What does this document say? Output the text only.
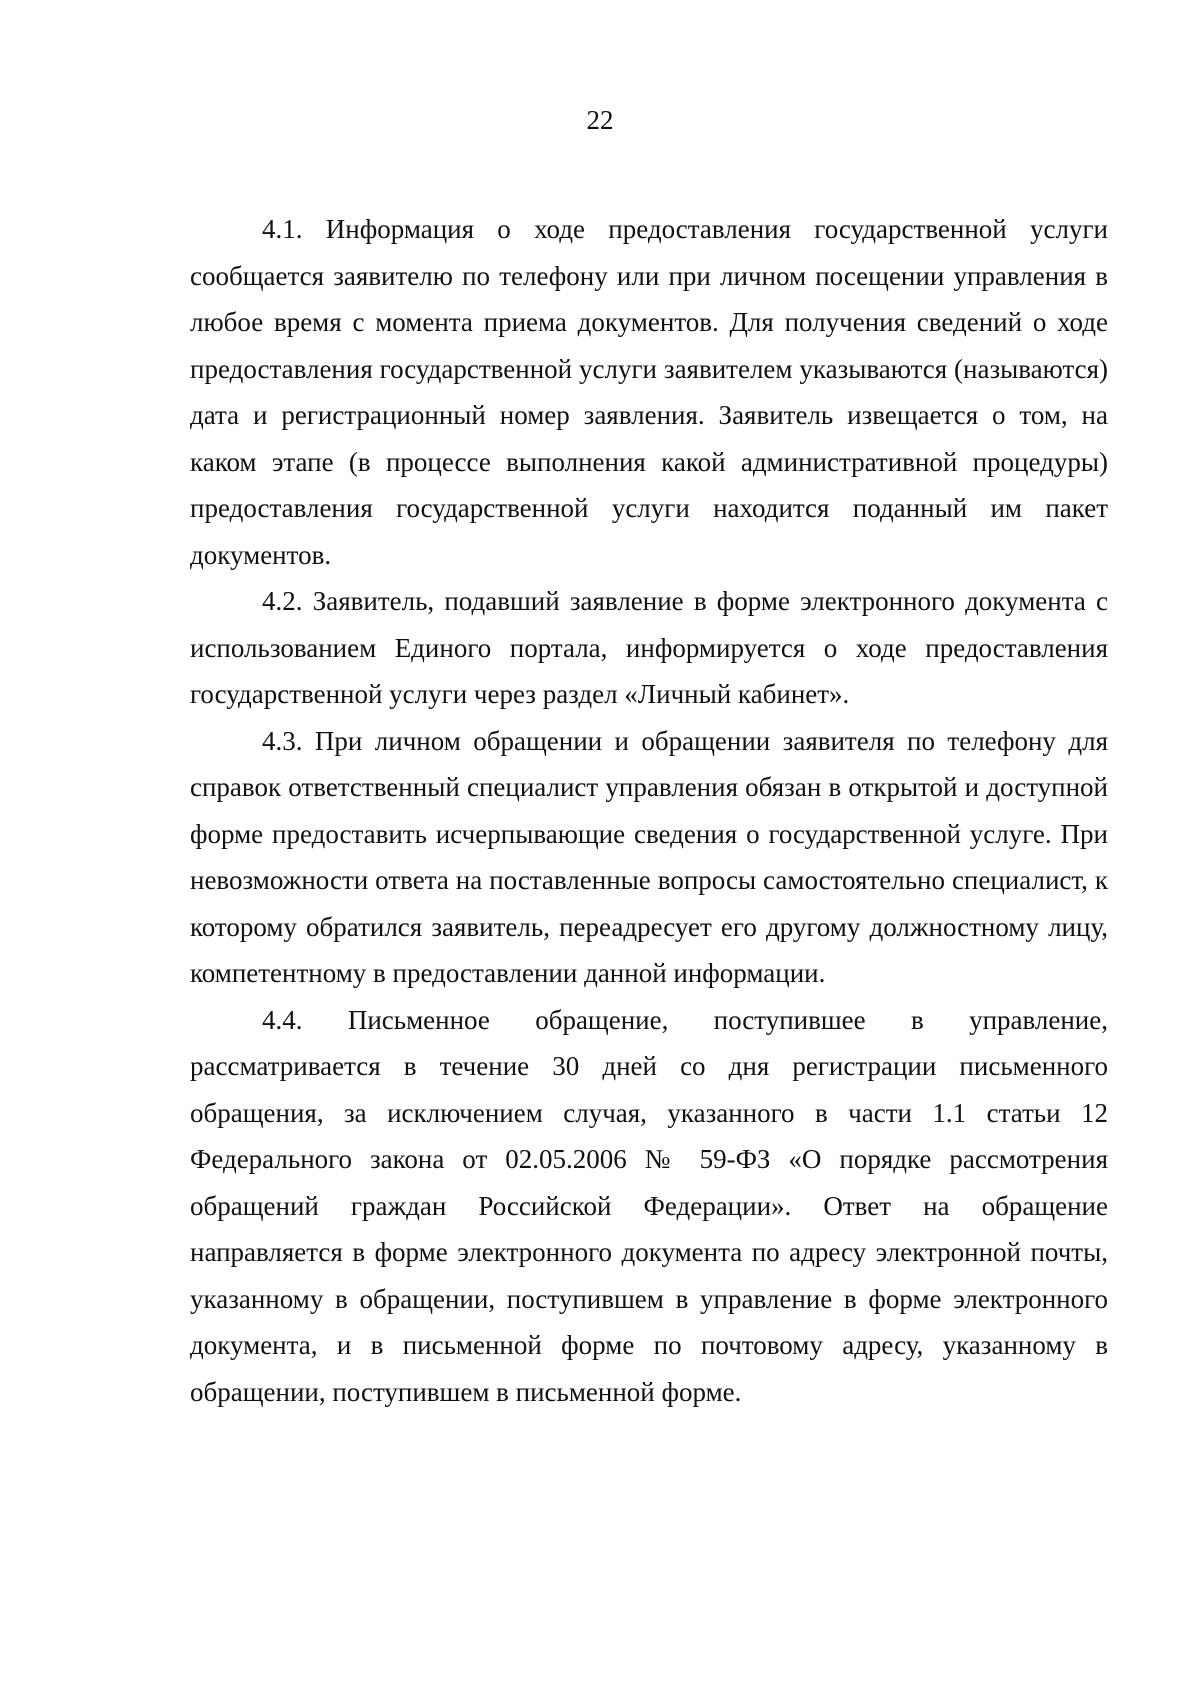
22

4.1. Информация о ходе предоставления государственной услуги сообщается заявителю по телефону или при личном посещении управления в любое время с момента приема документов. Для получения сведений о ходе предоставления государственной услуги заявителем указываются (называются) дата и регистрационный номер заявления. Заявитель извещается о том, на каком этапе (в процессе выполнения какой административной процедуры) предоставления государственной услуги находится поданный им пакет документов.

4.2. Заявитель, подавший заявление в форме электронного документа с использованием Единого портала, информируется о ходе предоставления государственной услуги через раздел «Личный кабинет».

4.3. При личном обращении и обращении заявителя по телефону для справок ответственный специалист управления обязан в открытой и доступной форме предоставить исчерпывающие сведения о государственной услуге. При невозможности ответа на поставленные вопросы самостоятельно специалист, к которому обратился заявитель, переадресует его другому должностному лицу, компетентному в предоставлении данной информации.

4.4. Письменное обращение, поступившее в управление, рассматривается в течение 30 дней со дня регистрации письменного обращения, за исключением случая, указанного в части 1.1 статьи 12 Федерального закона от 02.05.2006 № 59-ФЗ «О порядке рассмотрения обращений граждан Российской Федерации». Ответ на обращение направляется в форме электронного документа по адресу электронной почты, указанному в обращении, поступившем в управление в форме электронного документа, и в письменной форме по почтовому адресу, указанному в обращении, поступившем в письменной форме.
